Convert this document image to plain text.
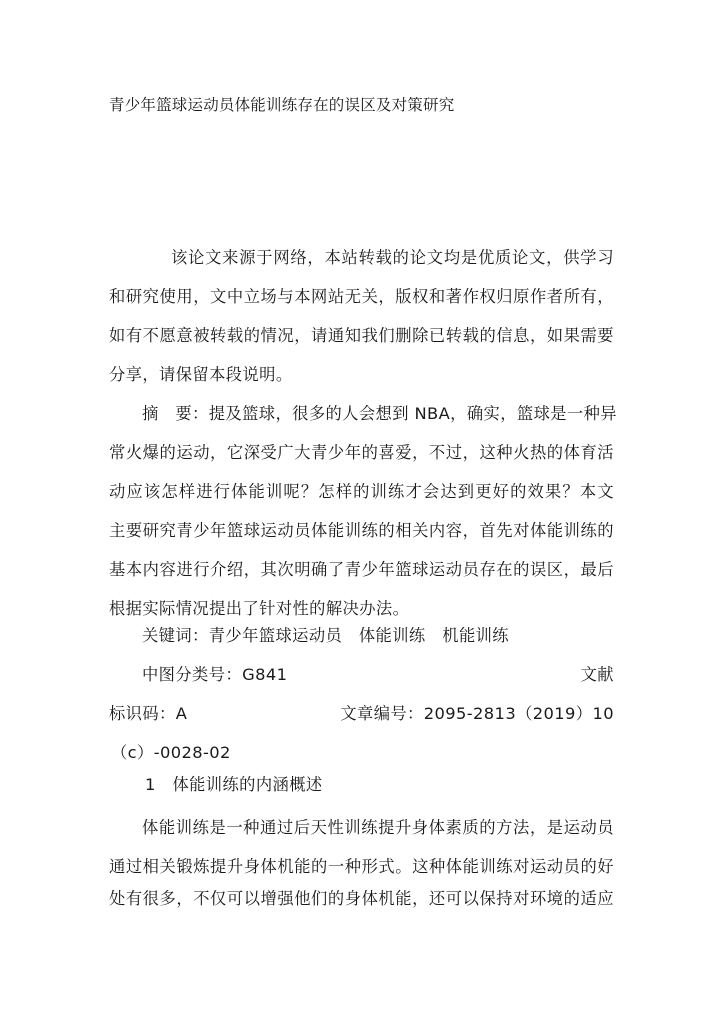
青少年篮球运动员体能训练存在的误区及对策研究
该论文来源于网络，本站转载的论文均是优质论文，供学习
和研究使用，文中立场与本网站无关，版权和著作权归原作者所有，
如有不愿意被转载的情况，请通知我们删除已转载的信息，如果需要
分享，请保留本段说明。
摘　要：提及篮球，很多的人会想到 NBA，确实，篮球是一种异
常火爆的运动，它深受广大青少年的喜爱，不过，这种火热的体育活
动应该怎样进行体能训呢？怎样的训练才会达到更好的效果？本文
主要研究青少年篮球运动员体能训练的相关内容，首先对体能训练的
基本内容进行介绍，其次明确了青少年篮球运动员存在的误区，最后
根据实际情况提出了针对性的解决办法。
关键词：青少年篮球运动员　体能训练　机能训练
中图分类号：G841	文献
标识码：A	文章编号：2095-2813（2019）10
（c）-0028-02
1　体能训练的内涵概述
体能训练是一种通过后天性训练提升身体素质的方法，是运动员
通过相关锻炼提升身体机能的一种形式。这种体能训练对运动员的好
处有很多，不仅可以增强他们的身体机能，还可以保持对环境的适应
